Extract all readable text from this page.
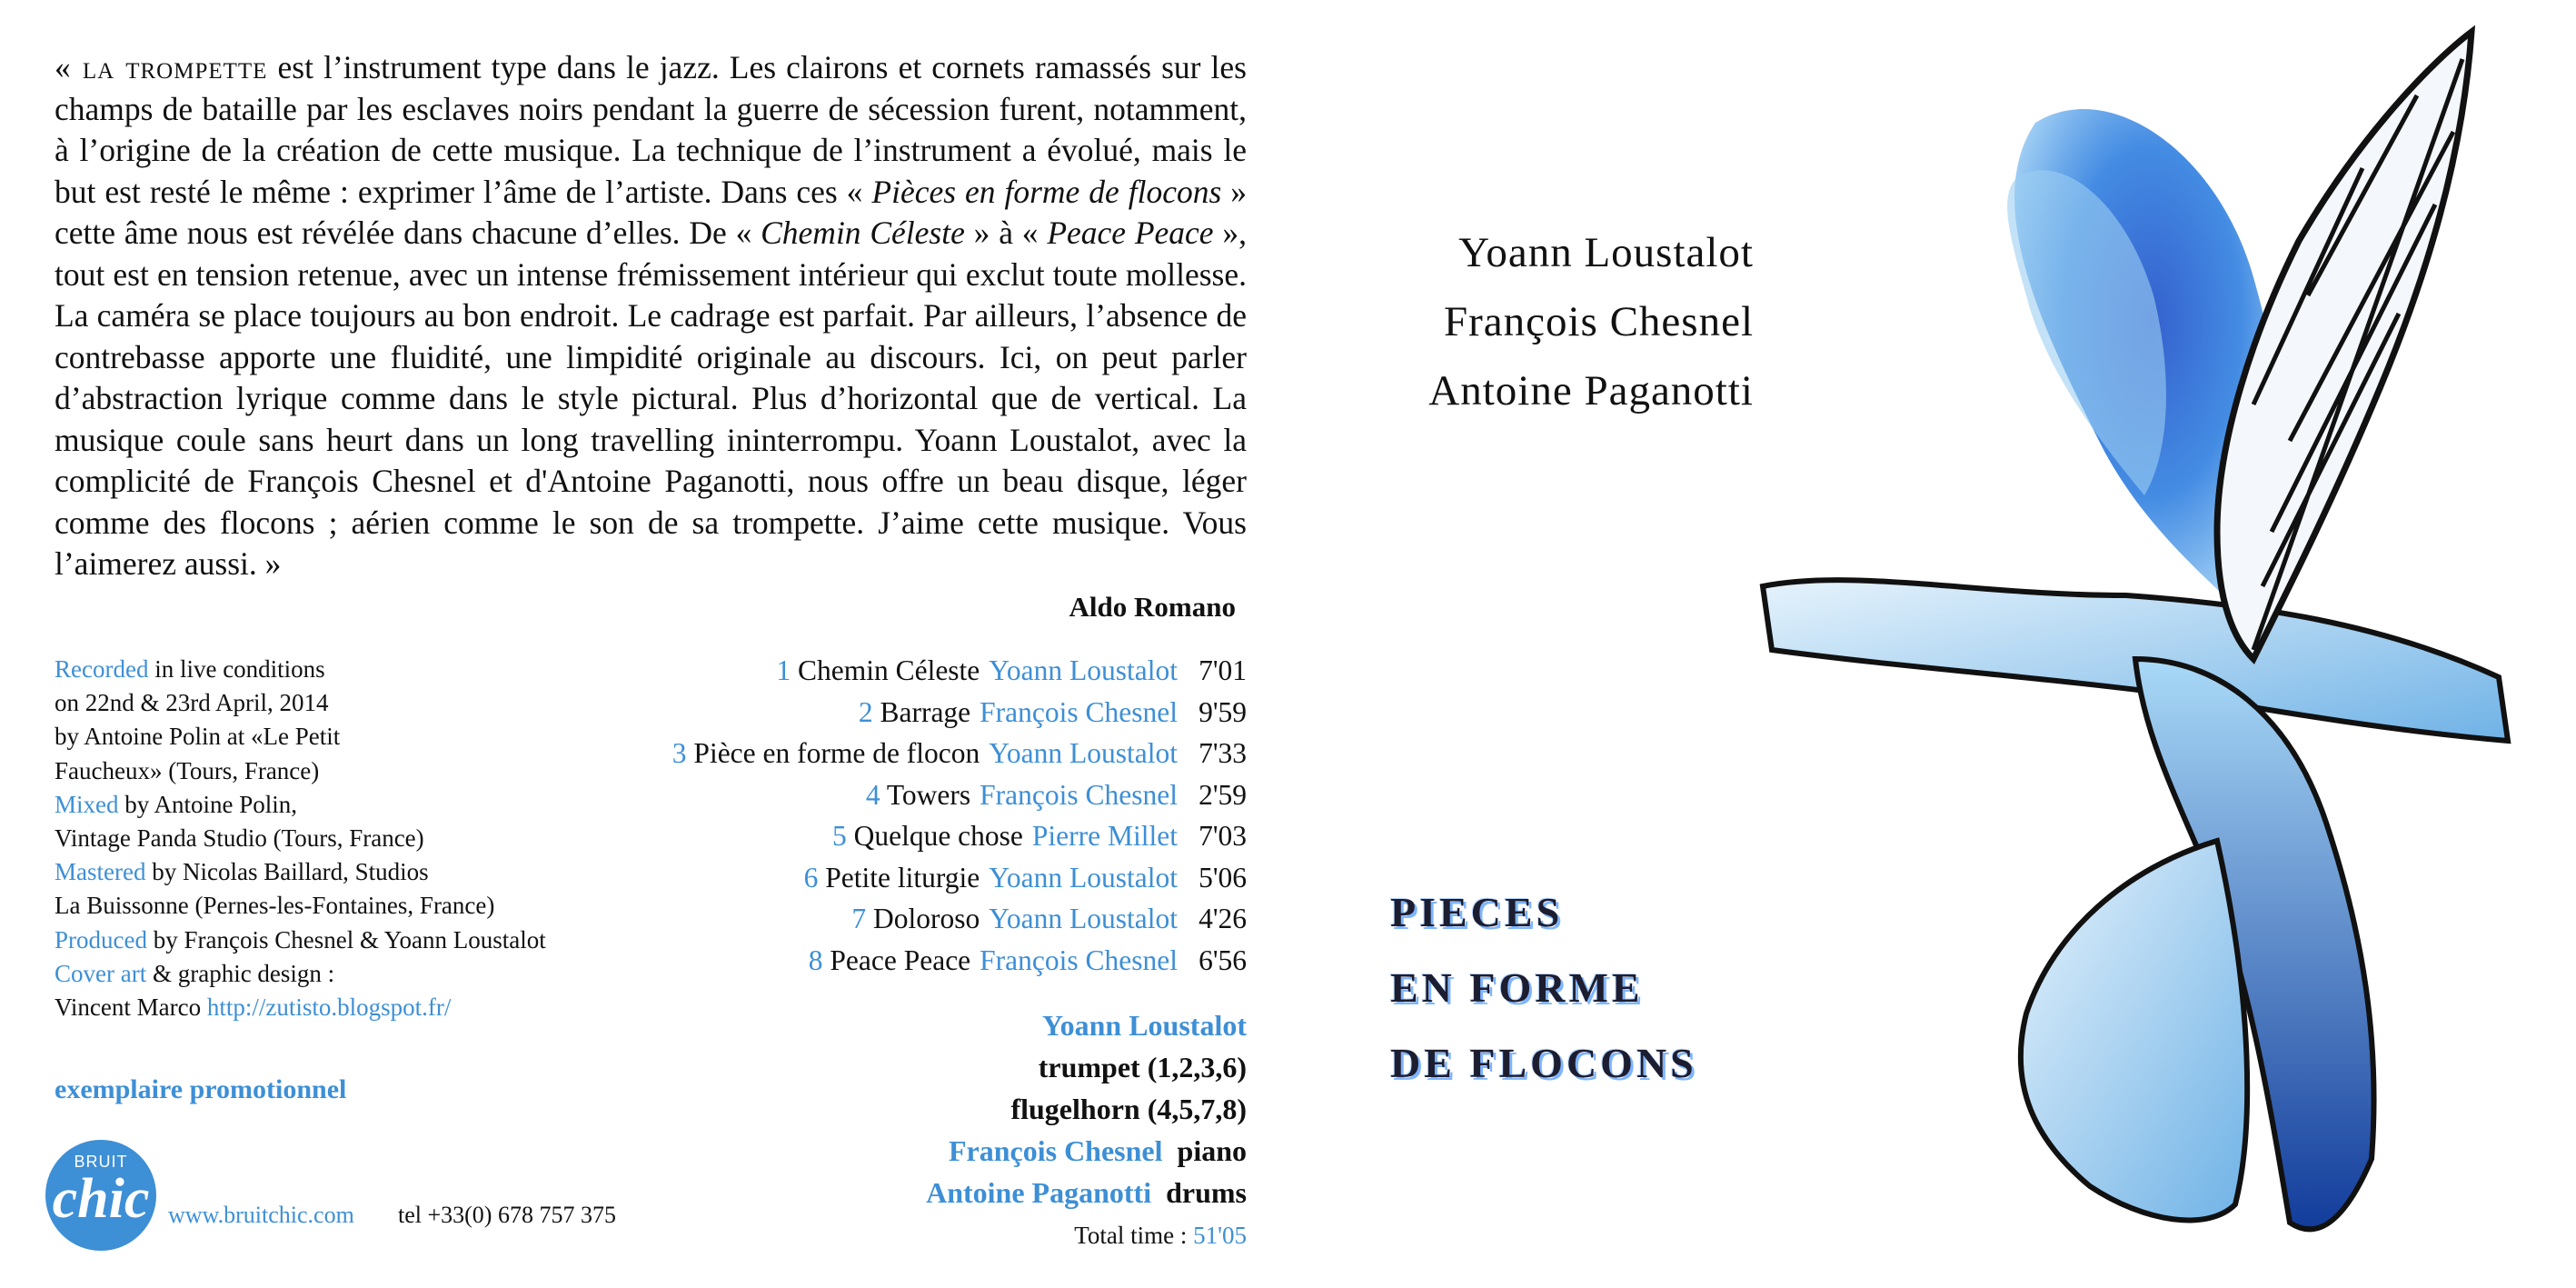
« la trompette est l’instrument type dans le jazz. Les clairons et cornets ramassés sur les champs de bataille par les esclaves noirs pendant la guerre de sécession furent, notamment, à l’origine de la création de cette musique. La technique de l’instrument a évolué, mais le but est resté le même : exprimer l’âme de l’artiste. Dans ces « Pièces en forme de flocons » cette âme nous est révélée dans chacune d’elles. De « Chemin Céleste » à « Peace Peace », tout est en tension retenue, avec un intense frémissement intérieur qui exclut toute mollesse. La caméra se place toujours au bon endroit. Le cadrage est parfait. Par ailleurs, l’absence de contrebasse apporte une fluidité, une limpidité originale au discours. Ici, on peut parler d’abstraction lyrique comme dans le style pictural. Plus d’horizontal que de vertical. La musique coule sans heurt dans un long travelling ininterrompu. Yoann Loustalot, avec la complicité de François Chesnel et d'Antoine Paganotti, nous offre un beau disque, léger comme des flocons ; aérien comme le son de sa trompette. J’aime cette musique. Vous l’aimerez aussi. »
Aldo Romano
Recorded in live conditions
on 22nd & 23rd April, 2014
by Antoine Polin at «Le Petit
Faucheux» (Tours, France)
Mixed by Antoine Polin,
Vintage Panda Studio (Tours, France)
Mastered by Nicolas Baillard, Studios
La Buissonne (Pernes-les-Fontaines, France)
Produced by François Chesnel & Yoann Loustalot
Cover art & graphic design :
Vincent Marco http://zutisto.blogspot.fr/
exemplaire promotionnel
BRUIT
chic www.bruitchic.com tel +33(0) 678 757 375
1 Chemin Céleste Yoann Loustalot 7'01
2 Barrage François Chesnel 9'59
3 Pièce en forme de flocon Yoann Loustalot 7'33
4 Towers François Chesnel 2'59
5 Quelque chose Pierre Millet 7'03
6 Petite liturgie Yoann Loustalot 5'06
7 Doloroso Yoann Loustalot 4'26
8 Peace Peace François Chesnel 6'56
Yoann Loustalot
trumpet (1,2,3,6)
flugelhorn (4,5,7,8)
François Chesnel piano
Antoine Paganotti drums
Total time : 51'05
Yoann Loustalot
François Chesnel
Antoine Paganotti
PIECES
EN FORME
DE FLOCONS
